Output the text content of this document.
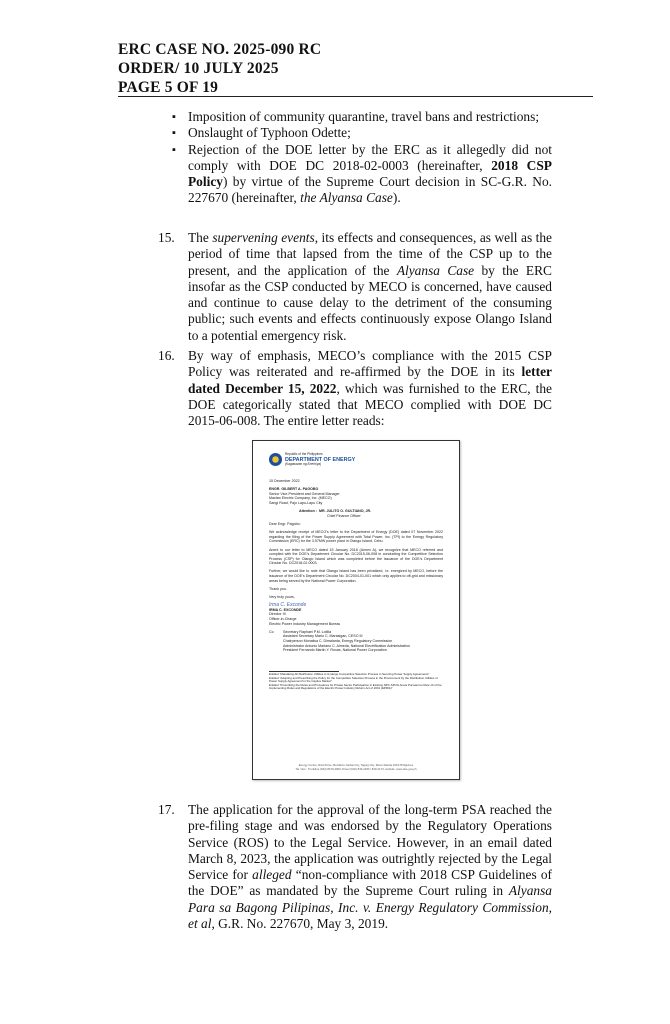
ERC CASE NO. 2025-090 RC
ORDER/ 10 JULY 2025
PAGE 5 OF 19
▪ Imposition of community quarantine, travel bans and restrictions;
▪ Onslaught of Typhoon Odette;
▪ Rejection of the DOE letter by the ERC as it allegedly did not comply with DOE DC 2018-02-0003 (hereinafter, 2018 CSP Policy) by virtue of the Supreme Court decision in SC-G.R. No. 227670 (hereinafter, the Alyansa Case).
15. The supervening events, its effects and consequences, as well as the period of time that lapsed from the time of the CSP up to the present, and the application of the Alyansa Case by the ERC insofar as the CSP conducted by MECO is concerned, have caused and continue to cause delay to the detriment of the consuming public; such events and effects continuously expose Olango Island to a potential emergency risk.
16. By way of emphasis, MECO’s compliance with the 2015 CSP Policy was reiterated and re-affirmed by the DOE in its letter dated December 15, 2022, which was furnished to the ERC, the DOE categorically stated that MECO complied with DOE DC 2015-06-008. The entire letter reads:
Republic of the Philippines
DEPARTMENT OF ENERGY
(Kagawaran ng Enerhiya)

15 December 2022

ENGR. GILBERT A. PAGOBO
Senior Vice-President and General Manager
Mactan Electric Company, Inc. (MECO)

Sangi Road, Pajo Lapu-Lapu City

Attention : MR. JULITO O. GULTIANO, JR.

Chief Finance Officer

Dear Engr. Pagobo:

We acknowledge receipt of MECO’s letter to the Department of Energy (DOE) dated 07 November 2022 regarding the filing of the Power Supply Agreement with Total Power, Inc. (TPI) to the Energy Regulatory Commission (ERC) for the 3.57MW power plant in Olango Island, Cebu.

Anent to our letter to MECO dated 15 January 2018 (Annex A), we recognize that MECO referred and complied with the DOE’s Department Circular No. DC2015-06-008 in conducting the Competitive Selection Process (CSP) for Olango Island which was completed before the issuance of the DOE’s Department Circular No. DC2018-02-0003.

Further, we would like to note that Olango Island has been privatized, i.e. energized by MECO, before the issuance of the DOE’s Department Circular No. DC2004-01-001 which only applies to off-grid and missionary areas being served by the National Power Corporation.

Thank you.

Very truly yours,

Irma C. Exconde
IRMA C. EXCONDE
Director III
Officer-in-Charge

Electric Power Industry Management Bureau

Cc: Secretary Raphael P.M. Lotilla
Assistant Secretary Mario C. Marasigan, CESO III
Chairperson Monalisa C. Dimalanta, Energy Regulatory Commission
Administrator Antonio Mariano C. Almeda, National Electrification Administration
President Fernando Martin Y. Roxas, National Power Corporation
Entitled “Mandating All Distribution Utilities to Undergo Competitive Selection Process in Securing Power Supply Agreements”
Entitled “Adopting and Prescribing the Policy for the Competitive Selection Process in the Procurement by the Distribution Utilities of Power Supply Agreement for the Captive Market”
Entitled “Prescribing the Rules and Procedures for Private Sector Participation in Existing NPC-SPUG Areas Pursuant to Rule 13 of the Implementing Rules and Regulations of the Electric Power Industry Reform Act of 2001 (EPIRA)”
Energy Center, Rizal Drive, Bonifacio Global City, Taguig City, Metro Manila 1634 Philippines
Tel. Nos.: Trunkline (632) 8479-2900; Direct (632) 840-2183 / 840-2173; website: www.doe.gov.ph
17. The application for the approval of the long-term PSA reached the pre-filing stage and was endorsed by the Regulatory Operations Service (ROS) to the Legal Service. However, in an email dated March 8, 2023, the application was outrightly rejected by the Legal Service for alleged “non-compliance with 2018 CSP Guidelines of the DOE” as mandated by the Supreme Court ruling in Alyansa Para sa Bagong Pilipinas, Inc. v. Energy Regulatory Commission, et al, G.R. No. 227670, May 3, 2019.
